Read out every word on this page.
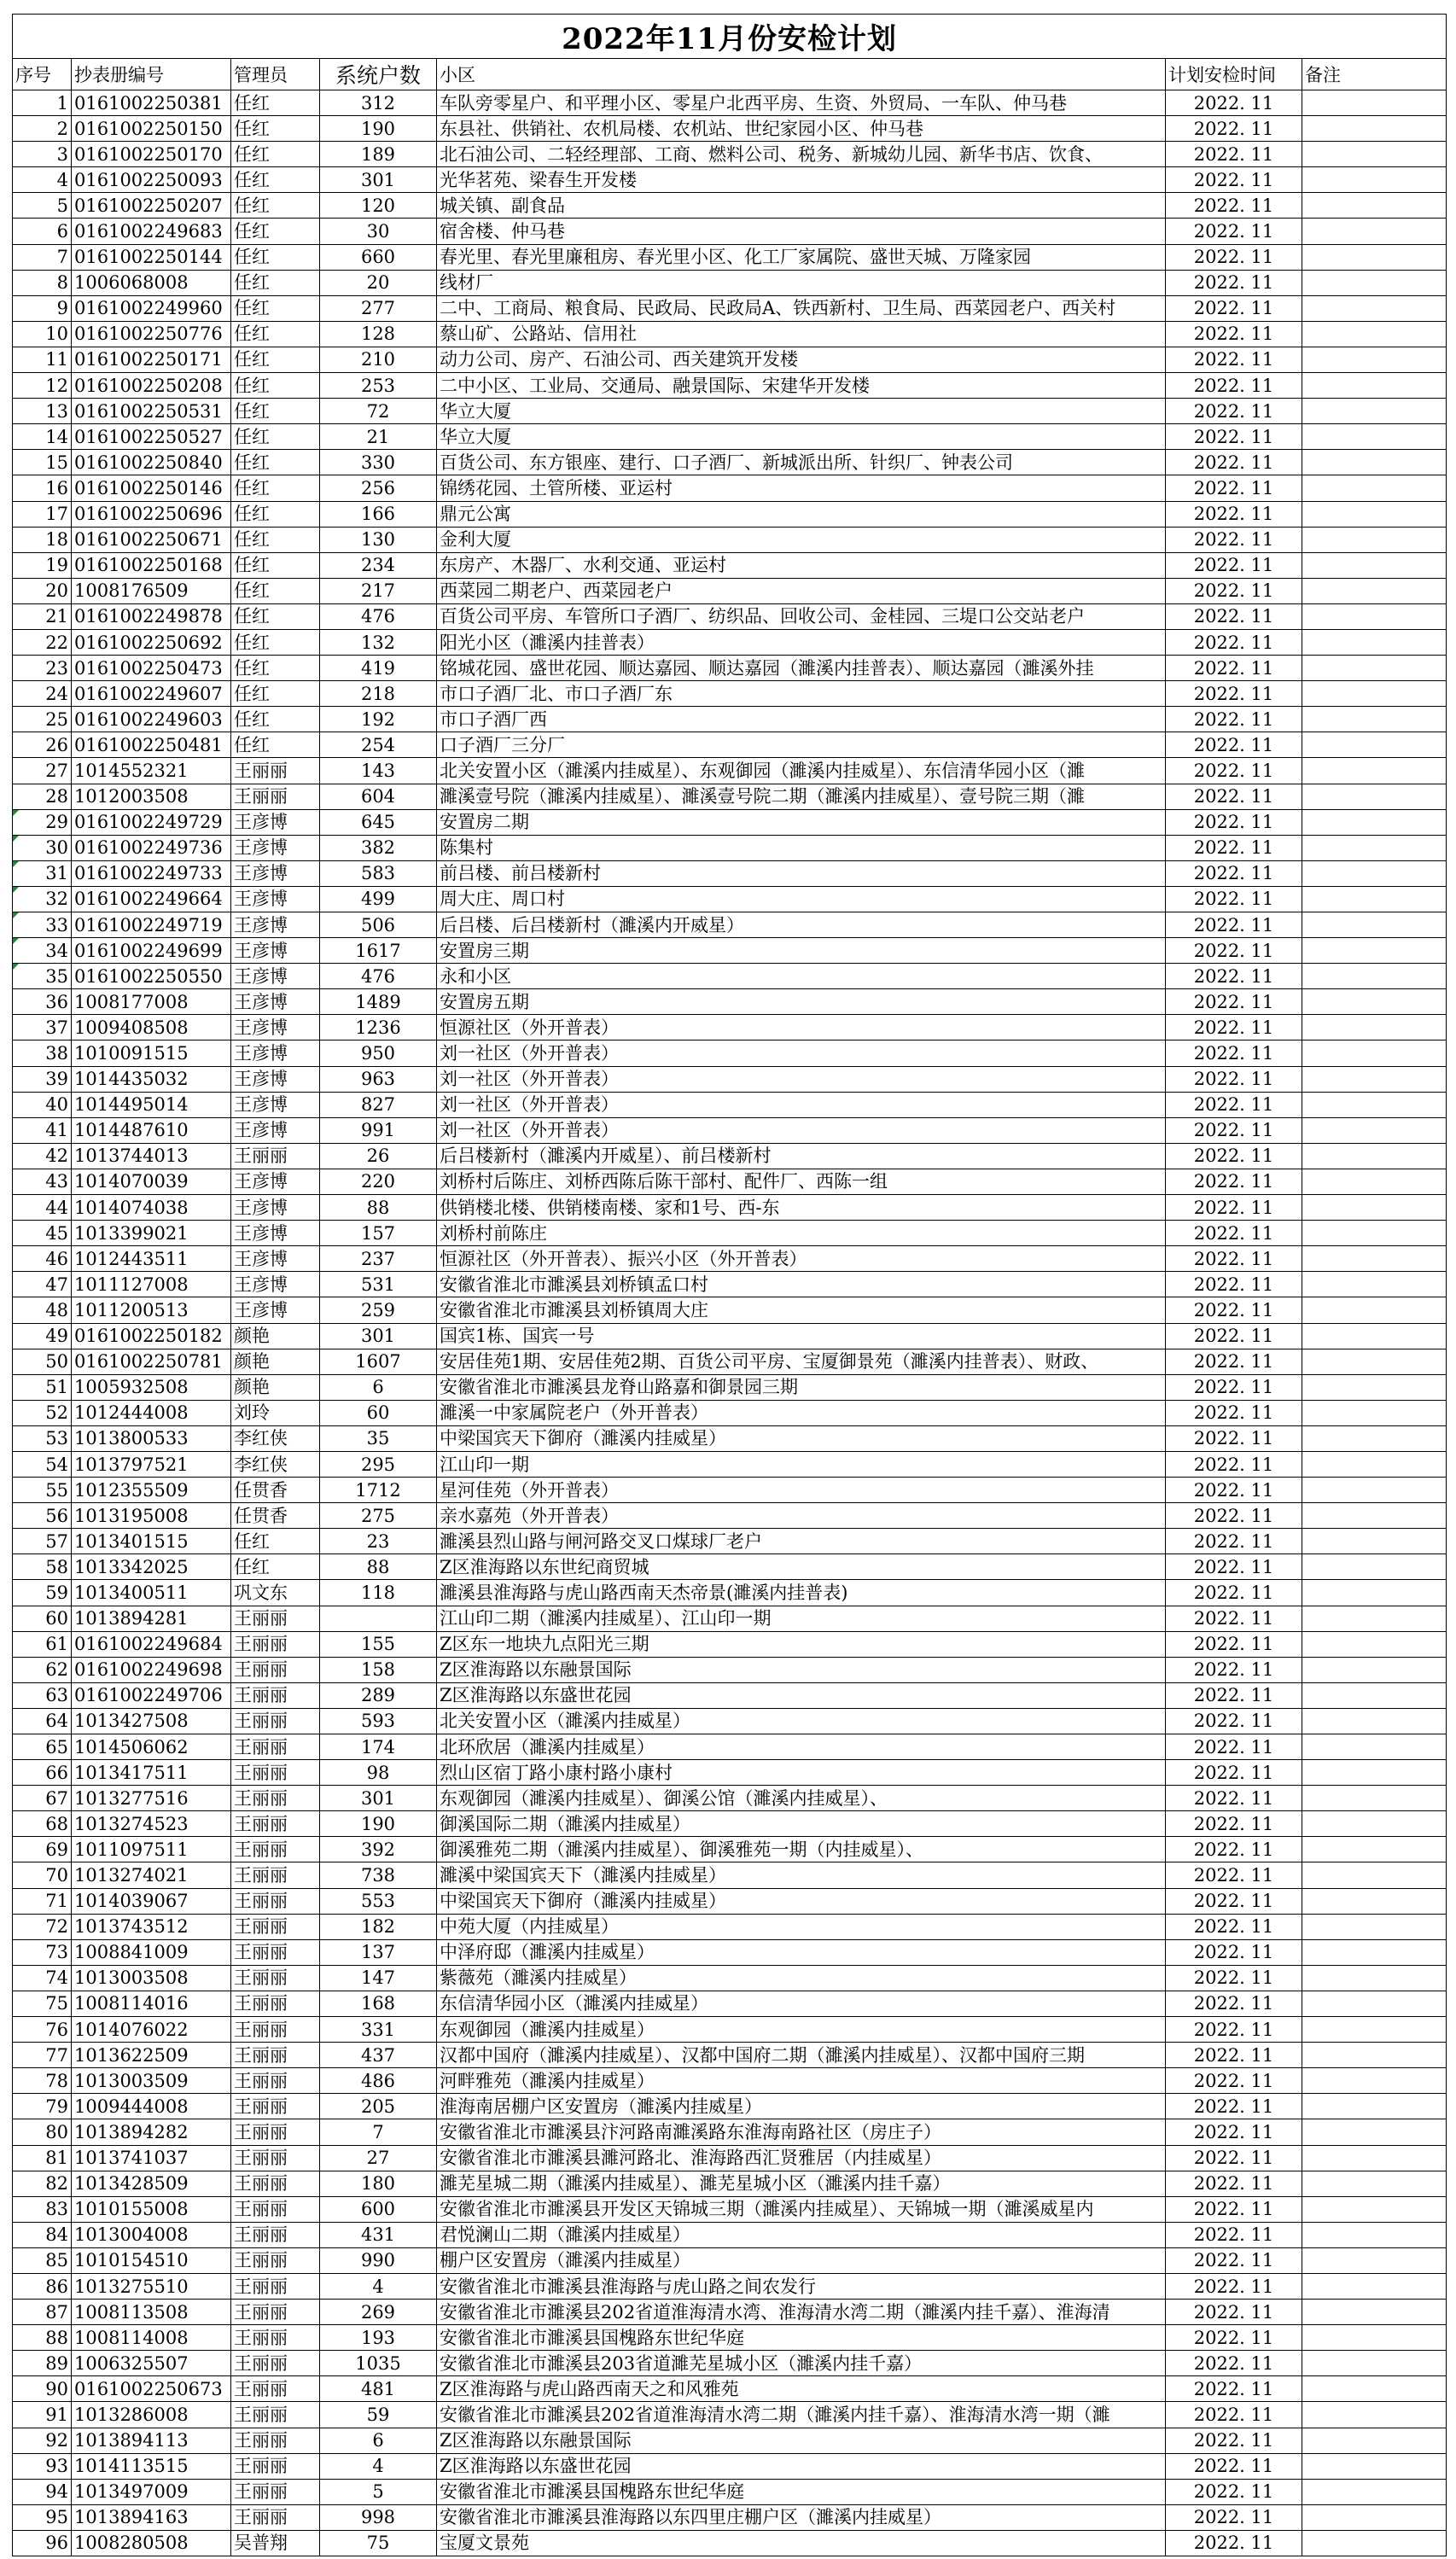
2022年11月份安检计划						
序号	抄表册编号	管理员	系统户数	小区	计划安检时间	备注
1	0161002250381	任红	312	车队旁零星户、和平理小区、零星户北西平房、生资、外贸局、一车队、仲马巷	2022. 11	
2	0161002250150	任红	190	东县社、供销社、农机局楼、农机站、世纪家园小区、仲马巷	2022. 11	
3	0161002250170	任红	189	北石油公司、二轻经理部、工商、燃料公司、税务、新城幼儿园、新华书店、饮食、	2022. 11	
4	0161002250093	任红	301	光华茗苑、梁春生开发楼	2022. 11	
5	0161002250207	任红	120	城关镇、副食品	2022. 11	
6	0161002249683	任红	30	宿舍楼、仲马巷	2022. 11	
7	0161002250144	任红	660	春光里、春光里廉租房、春光里小区、化工厂家属院、盛世天城、万隆家园	2022. 11	
8	1006068008	任红	20	线材厂	2022. 11	
9	0161002249960	任红	277	二中、工商局、粮食局、民政局、民政局A、铁西新村、卫生局、西菜园老户、西关村	2022. 11	
10	0161002250776	任红	128	蔡山矿、公路站、信用社	2022. 11	
11	0161002250171	任红	210	动力公司、房产、石油公司、西关建筑开发楼	2022. 11	
12	0161002250208	任红	253	二中小区、工业局、交通局、融景国际、宋建华开发楼	2022. 11	
13	0161002250531	任红	72	华立大厦	2022. 11	
14	0161002250527	任红	21	华立大厦	2022. 11	
15	0161002250840	任红	330	百货公司、东方银座、建行、口子酒厂、新城派出所、针织厂、钟表公司	2022. 11	
16	0161002250146	任红	256	锦绣花园、土管所楼、亚运村	2022. 11	
17	0161002250696	任红	166	鼎元公寓	2022. 11	
18	0161002250671	任红	130	金利大厦	2022. 11	
19	0161002250168	任红	234	东房产、木器厂、水利交通、亚运村	2022. 11	
20	1008176509	任红	217	西菜园二期老户、西菜园老户	2022. 11	
21	0161002249878	任红	476	百货公司平房、车管所口子酒厂、纺织品、回收公司、金桂园、三堤口公交站老户	2022. 11	
22	0161002250692	任红	132	阳光小区（濉溪内挂普表）	2022. 11	
23	0161002250473	任红	419	铭城花园、盛世花园、顺达嘉园、顺达嘉园（濉溪内挂普表）、顺达嘉园（濉溪外挂	2022. 11	
24	0161002249607	任红	218	市口子酒厂北、市口子酒厂东	2022. 11	
25	0161002249603	任红	192	市口子酒厂西	2022. 11	
26	0161002250481	任红	254	口子酒厂三分厂	2022. 11	
27	1014552321	王丽丽	143	北关安置小区（濉溪内挂威星）、东观御园（濉溪内挂威星）、东信清华园小区（濉	2022. 11	
28	1012003508	王丽丽	604	濉溪壹号院（濉溪内挂威星）、濉溪壹号院二期（濉溪内挂威星）、壹号院三期（濉	2022. 11	
29	0161002249729	王彦博	645	安置房二期	2022. 11	
30	0161002249736	王彦博	382	陈集村	2022. 11	
31	0161002249733	王彦博	583	前吕楼、前吕楼新村	2022. 11	
32	0161002249664	王彦博	499	周大庄、周口村	2022. 11	
33	0161002249719	王彦博	506	后吕楼、后吕楼新村（濉溪内开威星）	2022. 11	
34	0161002249699	王彦博	1617	安置房三期	2022. 11	
35	0161002250550	王彦博	476	永和小区	2022. 11	
36	1008177008	王彦博	1489	安置房五期	2022. 11	
37	1009408508	王彦博	1236	恒源社区（外开普表）	2022. 11	
38	1010091515	王彦博	950	刘一社区（外开普表）	2022. 11	
39	1014435032	王彦博	963	刘一社区（外开普表）	2022. 11	
40	1014495014	王彦博	827	刘一社区（外开普表）	2022. 11	
41	1014487610	王彦博	991	刘一社区（外开普表）	2022. 11	
42	1013744013	王丽丽	26	后吕楼新村（濉溪内开威星）、前吕楼新村	2022. 11	
43	1014070039	王彦博	220	刘桥村后陈庄、刘桥西陈后陈干部村、配件厂、西陈一组	2022. 11	
44	1014074038	王彦博	88	供销楼北楼、供销楼南楼、家和1号、西-东	2022. 11	
45	1013399021	王彦博	157	刘桥村前陈庄	2022. 11	
46	1012443511	王彦博	237	恒源社区（外开普表）、振兴小区（外开普表）	2022. 11	
47	1011127008	王彦博	531	安徽省淮北市濉溪县刘桥镇孟口村	2022. 11	
48	1011200513	王彦博	259	安徽省淮北市濉溪县刘桥镇周大庄	2022. 11	
49	0161002250182	颜艳	301	国宾1栋、国宾一号	2022. 11	
50	0161002250781	颜艳	1607	安居佳苑1期、安居佳苑2期、百货公司平房、宝厦御景苑（濉溪内挂普表）、财政、	2022. 11	
51	1005932508	颜艳	6	安徽省淮北市濉溪县龙脊山路嘉和御景园三期	2022. 11	
52	1012444008	刘玲	60	濉溪一中家属院老户（外开普表）	2022. 11	
53	1013800533	李红侠	35	中梁国宾天下御府（濉溪内挂威星）	2022. 11	
54	1013797521	李红侠	295	江山印一期	2022. 11	
55	1012355509	任贯香	1712	星河佳苑（外开普表）	2022. 11	
56	1013195008	任贯香	275	亲水嘉苑（外开普表）	2022. 11	
57	1013401515	任红	23	濉溪县烈山路与闸河路交叉口煤球厂老户	2022. 11	
58	1013342025	任红	88	Z区淮海路以东世纪商贸城	2022. 11	
59	1013400511	巩文东	118	濉溪县淮海路与虎山路西南天杰帝景(濉溪内挂普表)	2022. 11	
60	1013894281	王丽丽		江山印二期（濉溪内挂威星）、江山印一期	2022. 11	
61	0161002249684	王丽丽	155	Z区东一地块九点阳光三期	2022. 11	
62	0161002249698	王丽丽	158	Z区淮海路以东融景国际	2022. 11	
63	0161002249706	王丽丽	289	Z区淮海路以东盛世花园	2022. 11	
64	1013427508	王丽丽	593	北关安置小区（濉溪内挂威星）	2022. 11	
65	1014506062	王丽丽	174	北环欣居（濉溪内挂威星）	2022. 11	
66	1013417511	王丽丽	98	烈山区宿丁路小康村路小康村	2022. 11	
67	1013277516	王丽丽	301	东观御园（濉溪内挂威星）、御溪公馆（濉溪内挂威星）、	2022. 11	
68	1013274523	王丽丽	190	御溪国际二期（濉溪内挂威星）	2022. 11	
69	1011097511	王丽丽	392	御溪雅苑二期（濉溪内挂威星）、御溪雅苑一期（内挂威星）、	2022. 11	
70	1013274021	王丽丽	738	濉溪中梁国宾天下（濉溪内挂威星）	2022. 11	
71	1014039067	王丽丽	553	中梁国宾天下御府（濉溪内挂威星）	2022. 11	
72	1013743512	王丽丽	182	中苑大厦（内挂威星）	2022. 11	
73	1008841009	王丽丽	137	中泽府邸（濉溪内挂威星）	2022. 11	
74	1013003508	王丽丽	147	紫薇苑（濉溪内挂威星）	2022. 11	
75	1008114016	王丽丽	168	东信清华园小区（濉溪内挂威星）	2022. 11	
76	1014076022	王丽丽	331	东观御园（濉溪内挂威星）	2022. 11	
77	1013622509	王丽丽	437	汉都中国府（濉溪内挂威星）、汉都中国府二期（濉溪内挂威星）、汉都中国府三期	2022. 11	
78	1013003509	王丽丽	486	河畔雅苑（濉溪内挂威星）	2022. 11	
79	1009444008	王丽丽	205	淮海南居棚户区安置房（濉溪内挂威星）	2022. 11	
80	1013894282	王丽丽	7	安徽省淮北市濉溪县汴河路南濉溪路东淮海南路社区（房庄子）	2022. 11	
81	1013741037	王丽丽	27	安徽省淮北市濉溪县濉河路北、淮海路西汇贤雅居（内挂威星）	2022. 11	
82	1013428509	王丽丽	180	濉芜星城二期（濉溪内挂威星）、濉芜星城小区（濉溪内挂千嘉）	2022. 11	
83	1010155008	王丽丽	600	安徽省淮北市濉溪县开发区天锦城三期（濉溪内挂威星）、天锦城一期（濉溪威星内	2022. 11	
84	1013004008	王丽丽	431	君悦澜山二期（濉溪内挂威星）	2022. 11	
85	1010154510	王丽丽	990	棚户区安置房（濉溪内挂威星）	2022. 11	
86	1013275510	王丽丽	4	安徽省淮北市濉溪县淮海路与虎山路之间农发行	2022. 11	
87	1008113508	王丽丽	269	安徽省淮北市濉溪县202省道淮海清水湾、淮海清水湾二期（濉溪内挂千嘉）、淮海清	2022. 11	
88	1008114008	王丽丽	193	安徽省淮北市濉溪县国槐路东世纪华庭	2022. 11	
89	1006325507	王丽丽	1035	安徽省淮北市濉溪县203省道濉芜星城小区（濉溪内挂千嘉）	2022. 11	
90	0161002250673	王丽丽	481	Z区淮海路与虎山路西南天之和风雅苑	2022. 11	
91	1013286008	王丽丽	59	安徽省淮北市濉溪县202省道淮海清水湾二期（濉溪内挂千嘉）、淮海清水湾一期（濉	2022. 11	
92	1013894113	王丽丽	6	Z区淮海路以东融景国际	2022. 11	
93	1014113515	王丽丽	4	Z区淮海路以东盛世花园	2022. 11	
94	1013497009	王丽丽	5	安徽省淮北市濉溪县国槐路东世纪华庭	2022. 11	
95	1013894163	王丽丽	998	安徽省淮北市濉溪县淮海路以东四里庄棚户区（濉溪内挂威星）	2022. 11	
96	1008280508	吴普翔	75	宝厦文景苑	2022. 11	
